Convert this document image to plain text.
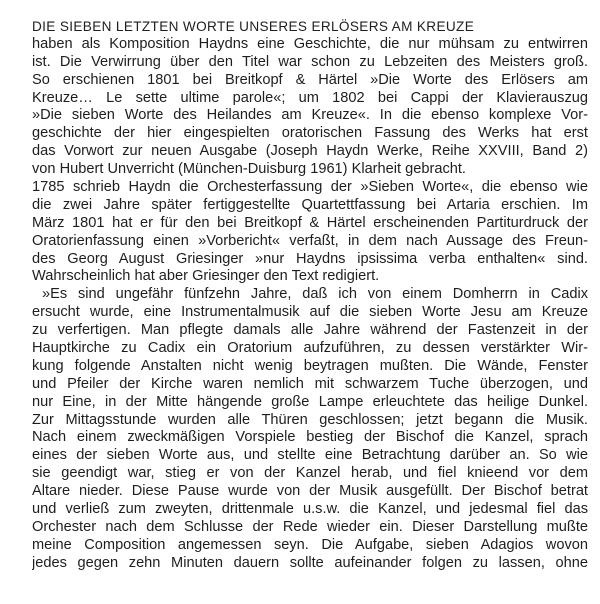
DIE SIEBEN LETZTEN WORTE UNSERES ERLÖSERS AM KREUZE
haben als Komposition Haydns eine Geschichte, die nur mühsam zu entwirren
ist. Die Verwirrung über den Titel war schon zu Lebzeiten des Meisters groß.
So erschienen 1801 bei Breitkopf & Härtel »Die Worte des Erlösers am
Kreuze… Le sette ultime parole«; um 1802 bei Cappi der Klavierauszug
»Die sieben Worte des Heilandes am Kreuze«. In die ebenso komplexe Vor-
geschichte der hier eingespielten oratorischen Fassung des Werks hat erst
das Vorwort zur neuen Ausgabe (Joseph Haydn Werke, Reihe XXVIII, Band 2)
von Hubert Unverricht (München-Duisburg 1961) Klarheit gebracht.
1785 schrieb Haydn die Orchesterfassung der »Sieben Worte«, die ebenso wie
die zwei Jahre später fertiggestellte Quartettfassung bei Artaria erschien. Im
März 1801 hat er für den bei Breitkopf & Härtel erscheinenden Partiturdruck der
Oratorienfassung einen »Vorbericht« verfaßt, in dem nach Aussage des Freun-
des Georg August Griesinger »nur Haydns ipsissima verba enthalten« sind.
Wahrscheinlich hat aber Griesinger den Text redigiert.
»Es sind ungefähr fünfzehn Jahre, daß ich von einem Domherrn in Cadix
ersucht wurde, eine Instrumentalmusik auf die sieben Worte Jesu am Kreuze
zu verfertigen. Man pflegte damals alle Jahre während der Fastenzeit in der
Hauptkirche zu Cadix ein Oratorium aufzuführen, zu dessen verstärkter Wir-
kung folgende Anstalten nicht wenig beytragen mußten. Die Wände, Fenster
und Pfeiler der Kirche waren nemlich mit schwarzem Tuche überzogen, und
nur Eine, in der Mitte hängende große Lampe erleuchtete das heilige Dunkel.
Zur Mittagsstunde wurden alle Thüren geschlossen; jetzt begann die Musik.
Nach einem zweckmäßigen Vorspiele bestieg der Bischof die Kanzel, sprach
eines der sieben Worte aus, und stellte eine Betrachtung darüber an. So wie
sie geendigt war, stieg er von der Kanzel herab, und fiel knieend vor dem
Altare nieder. Diese Pause wurde von der Musik ausgefüllt. Der Bischof betrat
und verließ zum zweyten, drittenmale u.s.w. die Kanzel, und jedesmal fiel das
Orchester nach dem Schlusse der Rede wieder ein. Dieser Darstellung mußte
meine Composition angemessen seyn. Die Aufgabe, sieben Adagios wovon
jedes gegen zehn Minuten dauern sollte aufeinander folgen zu lassen, ohne
